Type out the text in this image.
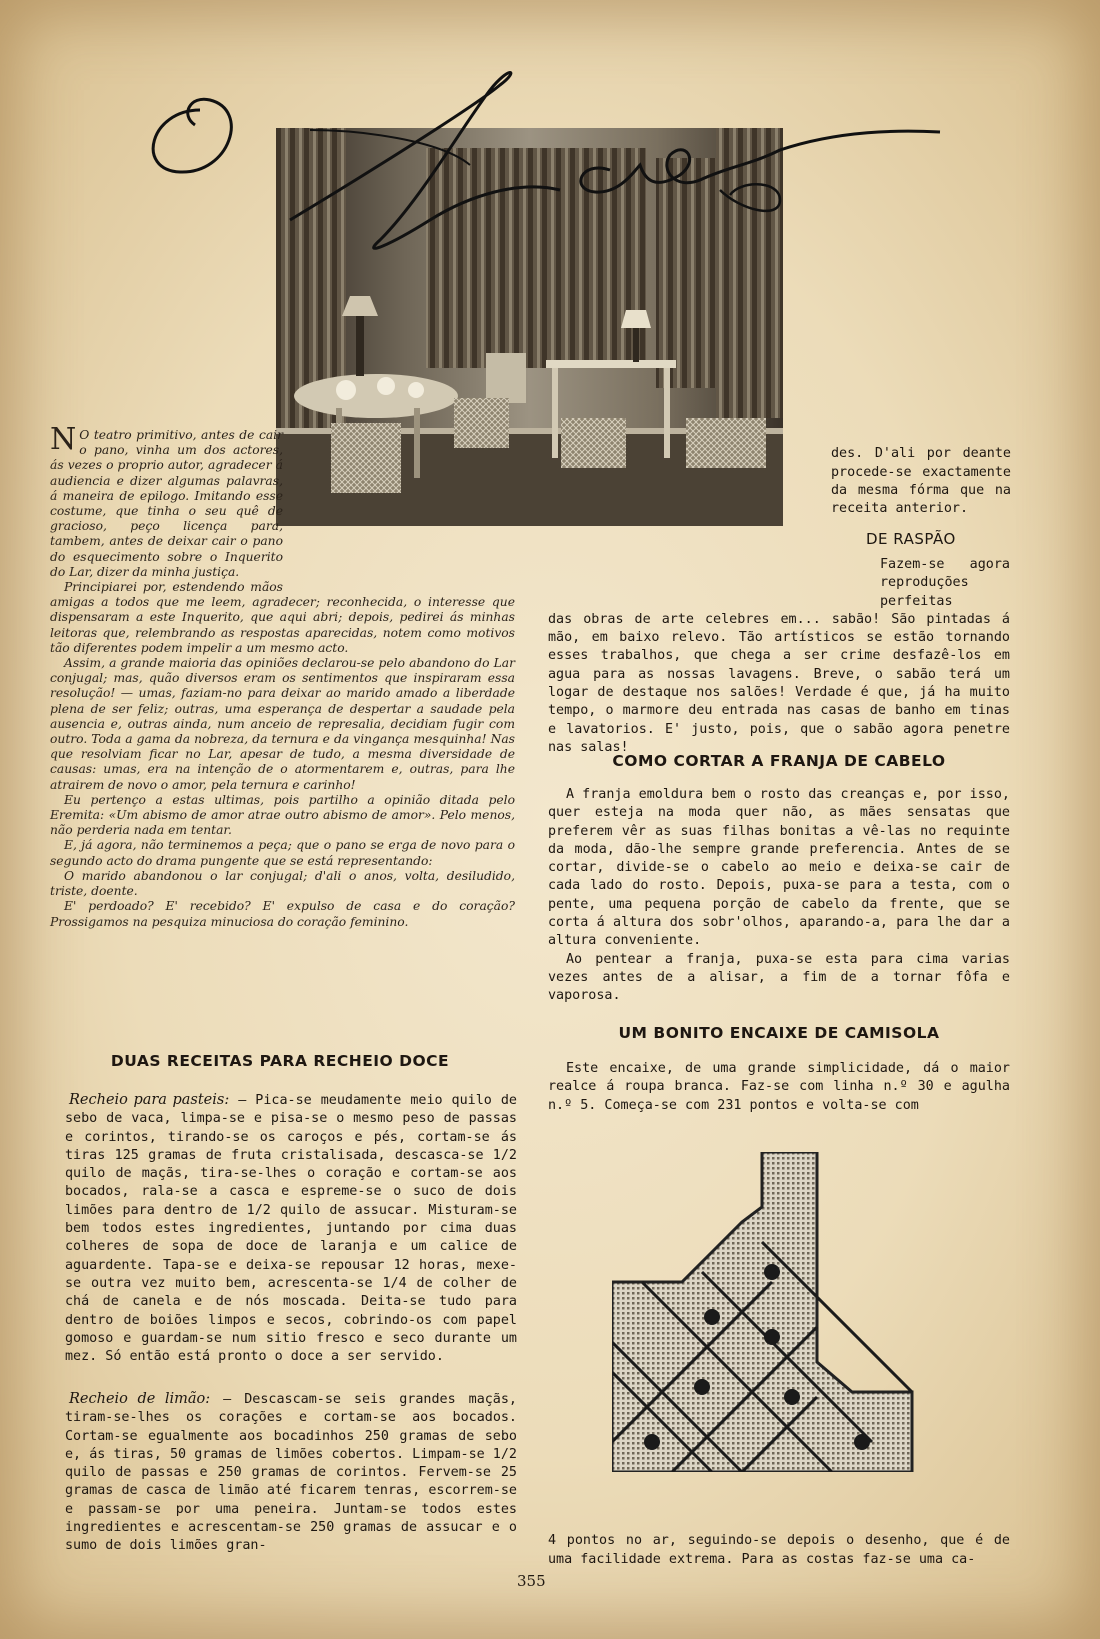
N O teatro primitivo, antes de cair o pano, vinha um dos actores, ás vezes o proprio autor, agradecer á audiencia e dizer algumas palavras, á maneira de epilogo. Imitando esse costume, que tinha o seu quê de gracioso, peço licença para, tambem, antes de deixar cair o pano do esquecimento sobre o Inquerito do Lar, dizer da minha justiça.

Principiarei por, estendendo mãos amigas a todos que me leem, agradecer; reconhecida, o interesse que dispensaram a este Inquerito, que aqui abri; depois, pedirei ás minhas leitoras que, relembrando as respostas aparecidas, notem como motivos tão diferentes podem impelir a um mesmo acto.

Assim, a grande maioria das opiniões declarou-se pelo abandono do Lar conjugal; mas, quão diversos eram os sentimentos que inspiraram essa resolução! — umas, faziam-no para deixar ao marido amado a liberdade plena de ser feliz; outras, uma esperança de despertar a saudade pela ausencia e, outras ainda, num anceio de represalia, decidiam fugir com outro. Toda a gama da nobreza, da ternura e da vingança mesquinha! Nas que resolviam ficar no Lar, apesar de tudo, a mesma diversidade de causas: umas, era na intenção de o atormentarem e, outras, para lhe atrairem de novo o amor, pela ternura e carinho!

Eu pertenço a estas ultimas, pois partilho a opinião ditada pelo Eremita: «Um abismo de amor atrae outro abismo de amor». Pelo menos, não perderia nada em tentar.

E, já agora, não terminemos a peça; que o pano se erga de novo para o segundo acto do drama pungente que se está representando:

O marido abandonou o lar conjugal; d'ali o anos, volta, desiludido, triste, doente.

E' perdoado? E' recebido? E' expulso de casa e do coração? Prossigamos na pesquiza minuciosa do coração feminino.

DUAS RECEITAS PARA RECHEIO DOCE

Recheio para pasteis: — Pica-se meudamente meio quilo de sebo de vaca, limpa-se e pisa-se o mesmo peso de passas e corintos, tirando-se os caroços e pés, cortam-se ás tiras 125 gramas de fruta cristalisada, descasca-se 1/2 quilo de maçãs, tira-se-lhes o coração e cortam-se aos bocados, rala-se a casca e espreme-se o suco de dois limões para dentro de 1/2 quilo de assucar. Misturam-se bem todos estes ingredientes, juntando por cima duas colheres de sopa de doce de laranja e um calice de aguardente. Tapa-se e deixa-se repousar 12 horas, mexe-se outra vez muito bem, acrescenta-se 1/4 de colher de chá de canela e de nós moscada. Deita-se tudo para dentro de boiões limpos e secos, cobrindo-os com papel gomoso e guardam-se num sitio fresco e seco durante um mez. Só então está pronto o doce a ser servido.

Recheio de limão: — Descascam-se seis grandes maçãs, tiram-se-lhes os corações e cortam-se aos bocados. Cortam-se egualmente aos bocadinhos 250 gramas de sebo e, ás tiras, 50 gramas de limões cobertos. Limpam-se 1/2 quilo de passas e 250 gramas de corintos. Fervem-se 25 gramas de casca de limão até ficarem tenras, escorrem-se e passam-se por uma peneira. Juntam-se todos estes ingredientes e acrescentam-se 250 gramas de assucar e o sumo de dois limões gran-

des. D'ali por deante procede-se exactamente da mesma fórma que na receita anterior.

DE RASPÃO

Fazem-se agora reproduções perfeitas

das obras de arte celebres em... sabão! São pintadas á mão, em baixo relevo. Tão artísticos se estão tornando esses trabalhos, que chega a ser crime desfazê-los em agua para as nossas lavagens. Breve, o sabão terá um logar de destaque nos salões! Verdade é que, já ha muito tempo, o marmore deu entrada nas casas de banho em tinas e lavatorios. E' justo, pois, que o sabão agora penetre nas salas!

COMO CORTAR A FRANJA DE CABELO

A franja emoldura bem o rosto das creanças e, por isso, quer esteja na moda quer não, as mães sensatas que preferem vêr as suas filhas bonitas a vê-las no requinte da moda, dão-lhe sempre grande preferencia. Antes de se cortar, divide-se o cabelo ao meio e deixa-se cair de cada lado do rosto. Depois, puxa-se para a testa, com o pente, uma pequena porção de cabelo da frente, que se corta á altura dos sobr'olhos, aparando-a, para lhe dar a altura conveniente.

Ao pentear a franja, puxa-se esta para cima varias vezes antes de a alisar, a fim de a tornar fôfa e vaporosa.

UM BONITO ENCAIXE DE CAMISOLA

Este encaixe, de uma grande simplicidade, dá o maior realce á roupa branca. Faz-se com linha n.º 30 e agulha n.º 5. Começa-se com 231 pontos e volta-se com

4 pontos no ar, seguindo-se depois o desenho, que é de uma facilidade extrema. Para as costas faz-se uma ca-

355
